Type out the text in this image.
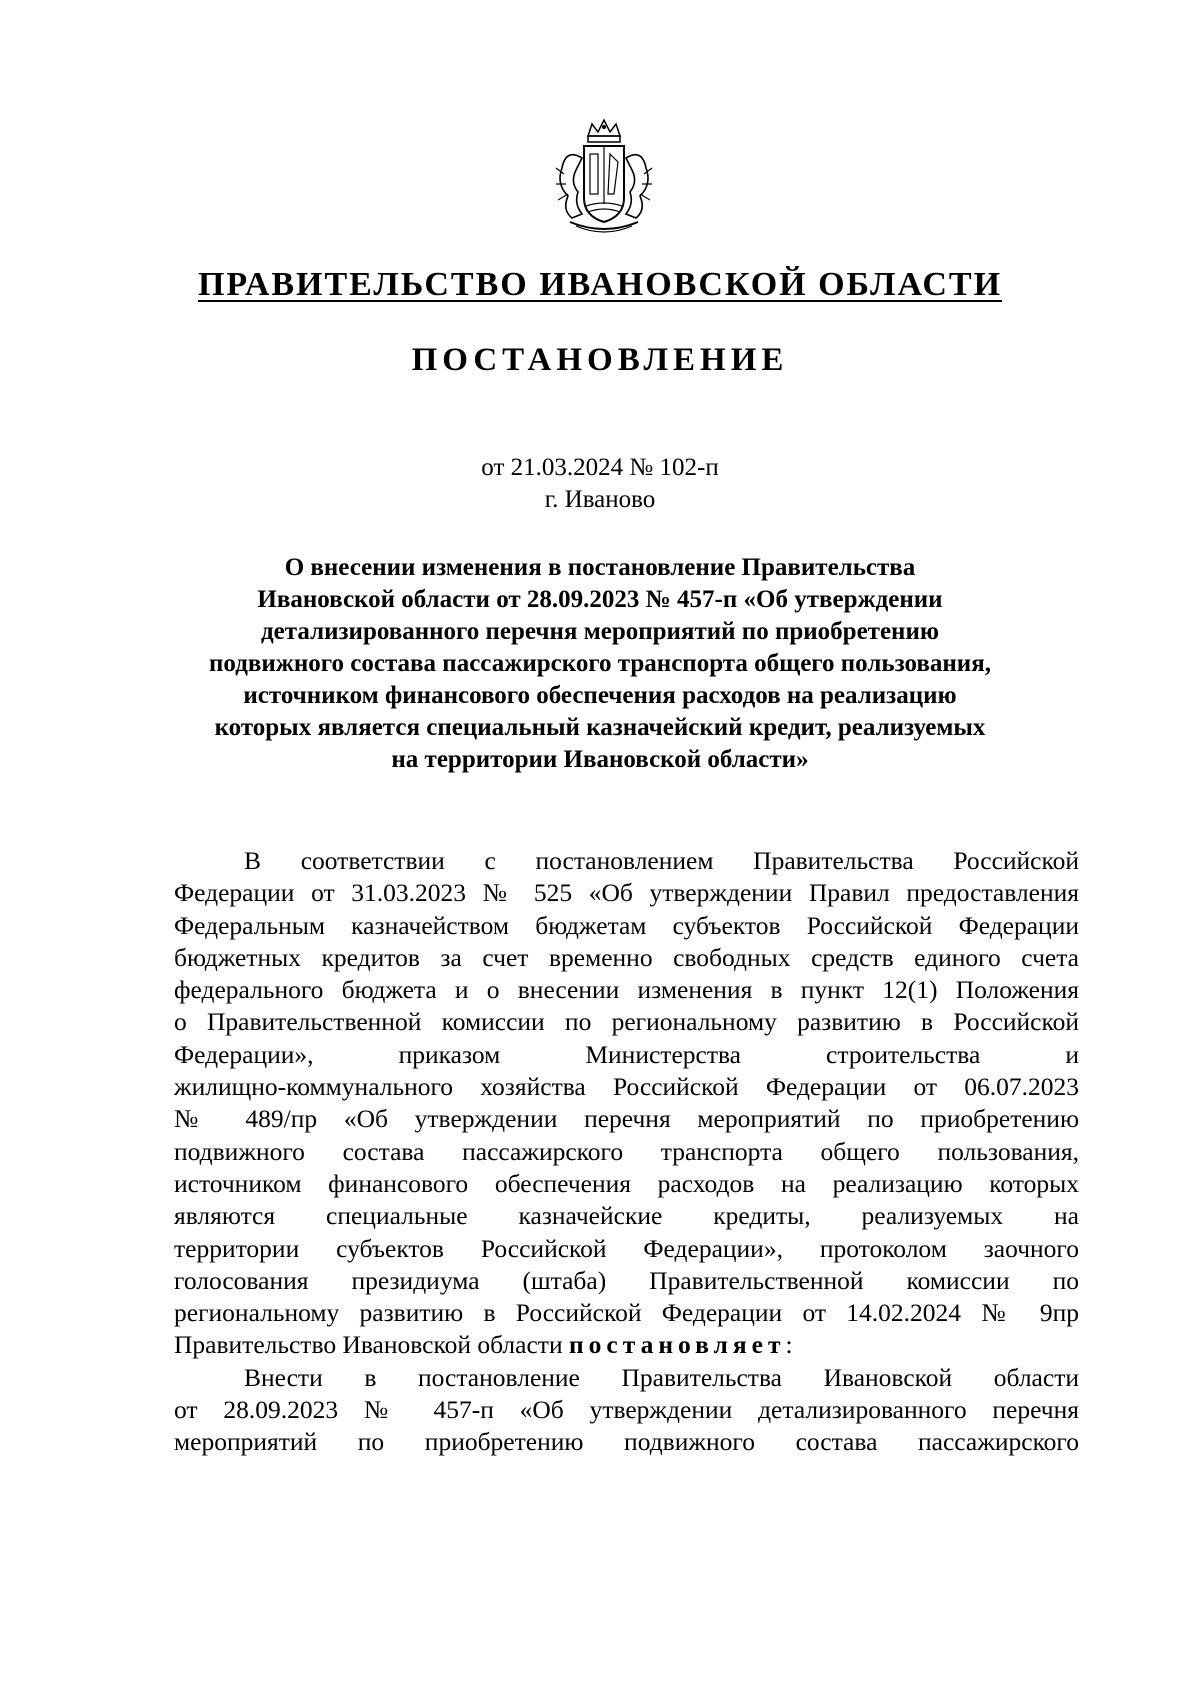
ПРАВИТЕЛЬСТВО ИВАНОВСКОЙ ОБЛАСТИ
ПОСТАНОВЛЕНИЕ
от 21.03.2024 № 102-п
г. Иваново
О внесении изменения в постановление Правительства
Ивановской области от 28.09.2023 № 457-п «Об утверждении
детализированного перечня мероприятий по приобретению
подвижного состава пассажирского транспорта общего пользования,
источником финансового обеспечения расходов на реализацию
которых является специальный казначейский кредит, реализуемых
на территории Ивановской области»
В соответствии с постановлением Правительства Российской
Федерации от 31.03.2023 № 525 «Об утверждении Правил предоставления
Федеральным казначейством бюджетам субъектов Российской Федерации
бюджетных кредитов за счет временно свободных средств единого счета
федерального бюджета и о внесении изменения в пункт 12(1) Положения
о Правительственной комиссии по региональному развитию в Российской
Федерации», приказом Министерства строительства и
жилищно-коммунального хозяйства Российской Федерации от 06.07.2023
№ 489/пр «Об утверждении перечня мероприятий по приобретению
подвижного состава пассажирского транспорта общего пользования,
источником финансового обеспечения расходов на реализацию которых
являются специальные казначейские кредиты, реализуемых на
территории субъектов Российской Федерации», протоколом заочного
голосования президиума (штаба) Правительственной комиссии по
региональному развитию в Российской Федерации от 14.02.2024 № 9пр
Правительство Ивановской области постановляет:
Внести в постановление Правительства Ивановской области
от 28.09.2023 № 457-п «Об утверждении детализированного перечня
мероприятий по приобретению подвижного состава пассажирского
